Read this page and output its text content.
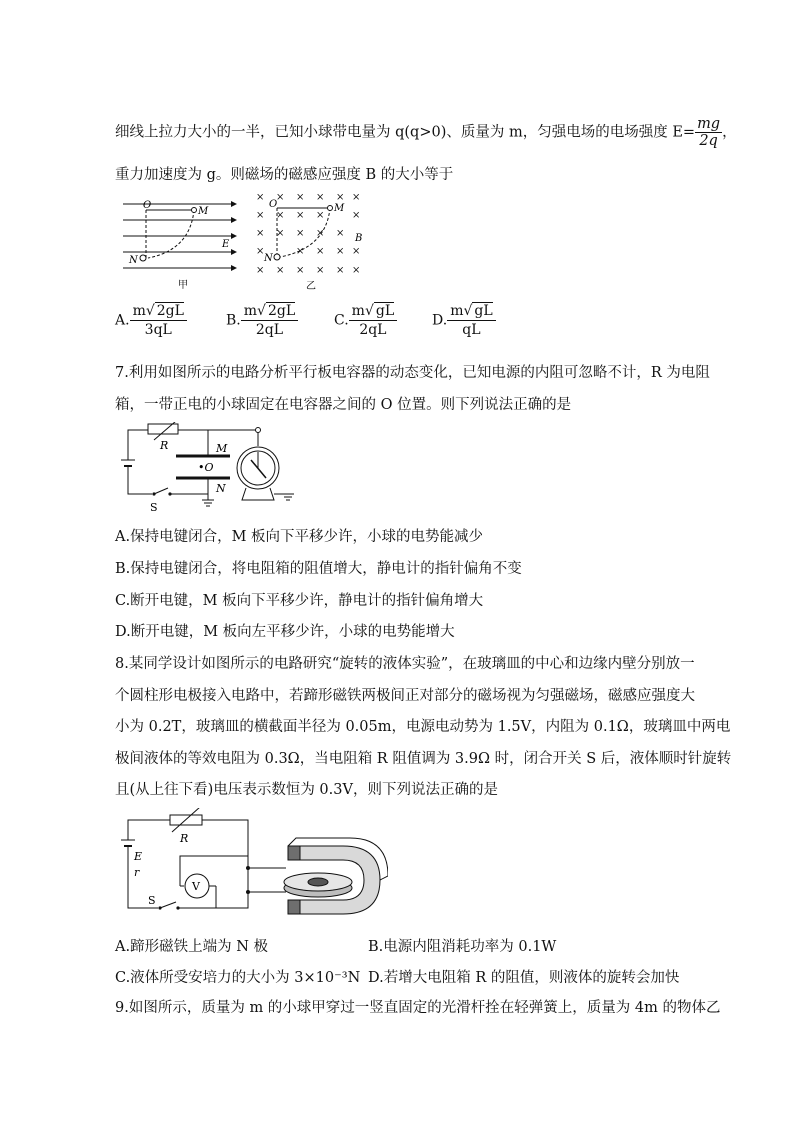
细线上拉力大小的一半，已知小球带电量为 q(q>0)、质量为 m，匀强电场的电场强度 $E= \frac{mg}{2q}$ ，
重力加速度为 g。则磁场的磁感应强度 B 的大小等于
O
M
N
E
甲
× × × × × ×
× × × ×	×
× × × × ×
×	× × × ×
× × × × × ×
O	M
N
B
乙
A. $\frac{m√ 2gL}{3qL}$	B. $\frac{m√ 2gL}{2qL}$	C. $\frac{m√ gL}{2qL} D$. $\frac{m√ gL}{qL}$
7.利用如图所示的电路分析平行板电容器的动态变化，已知电源的内阻可忽略不计，R 为电阻
箱，一带正电的小球固定在电容器之间的 O 位置。则下列说法正确的是
R	M
•O
N
S
A.保持电键闭合，M 板向下平移少许，小球的电势能减少
B.保持电键闭合，将电阻箱的阻值增大，静电计的指针偏角不变
C.断开电键，M 板向下平移少许，静电计的指针偏角增大
D.断开电键，M 板向左平移少许，小球的电势能增大
8.某同学设计如图所示的电路研究“旋转的液体实验”，在玻璃皿的中心和边缘内壁分别放一
个圆柱形电极接入电路中，若蹄形磁铁两极间正对部分的磁场视为匀强磁场，磁感应强度大
小为 0.2T，玻璃皿的横截面半径为 0.05m，电源电动势为 1.5V，内阻为 0.1Ω，玻璃皿中两电
极间液体的等效电阻为 0.3Ω，当电阻箱 R 阻值调为 3.9Ω 时，闭合开关 S 后，液体顺时针旋转
且(从上往下看)电压表示数恒为 0.3V，则下列说法正确的是
E
r
R
S
V
A.蹄形磁铁上端为 N 极	B.电源内阻消耗功率为 0.1W
C.液体所受安培力的大小为 3×10⁻³N D.若增大电阻箱 R 的阻值，则液体的旋转会加快
9.如图所示，质量为 m 的小球甲穿过一竖直固定的光滑杆拴在轻弹簧上，质量为 4m 的物体乙
